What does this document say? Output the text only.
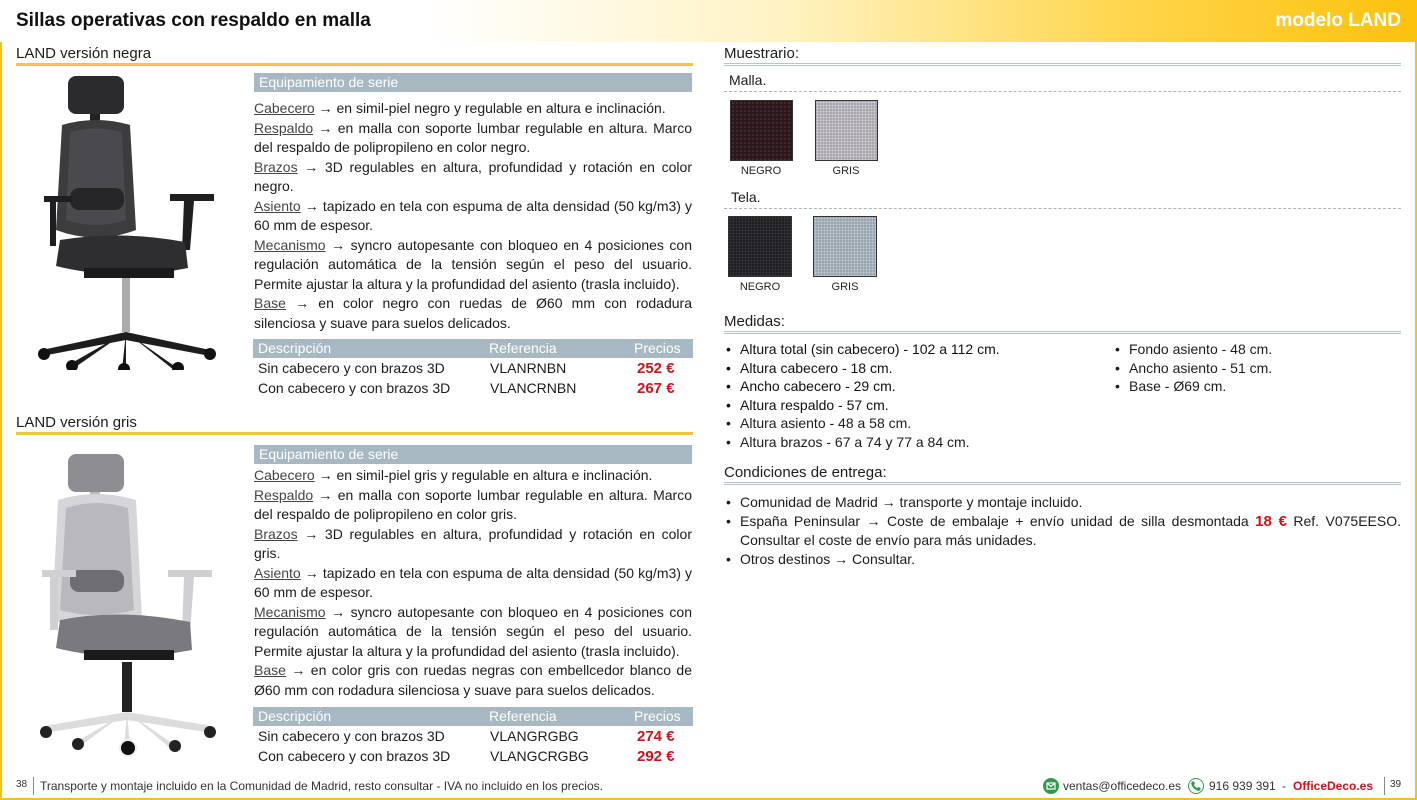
Sillas operativas con respaldo en malla	modelo LAND
LAND versión negra
Equipamiento de serie

Cabecero → en simil-piel negro y regulable en altura e inclinación.

Respaldo → en malla con soporte lumbar regulable en altura. Marco del respaldo de polipropileno en color negro.

Brazos → 3D regulables en altura, profundidad y rotación en color negro.

Asiento → tapizado en tela con espuma de alta densidad (50 kg/m3) y 60 mm de espesor.

Mecanismo → syncro autopesante con bloqueo en 4 posiciones con regulación automática de la tensión según el peso del usuario. Permite ajustar la altura y la profundidad del asiento (trasla incluido).

Base → en color negro con ruedas de Ø60 mm con rodadura silenciosa y suave para suelos delicados.

Descripción	Referencia	Precios
Sin cabecero y con brazos 3D	VLANRNBN	252 €
Con cabecero y con brazos 3D	VLANCRNBN	267 €
LAND versión gris
Equipamiento de serie

Cabecero → en simil-piel gris y regulable en altura e inclinación.

Respaldo → en malla con soporte lumbar regulable en altura. Marco del respaldo de polipropileno en color gris.

Brazos → 3D regulables en altura, profundidad y rotación en color gris.

Asiento → tapizado en tela con espuma de alta densidad (50 kg/m3) y 60 mm de espesor.

Mecanismo → syncro autopesante con bloqueo en 4 posiciones con regulación automática de la tensión según el peso del usuario. Permite ajustar la altura y la profundidad del asiento (trasla incluido).

Base → en color gris con ruedas negras con embellcedor blanco de Ø60 mm con rodadura silenciosa y suave para suelos delicados.

Descripción	Referencia	Precios
Sin cabecero y con brazos 3D	VLANGRGBG	274 €
Con cabecero y con brazos 3D	VLANGCRGBG	292 €
Muestrario:
Malla.
NEGRO	GRIS
Tela.
NEGRO	GRIS
Medidas:
• Altura total (sin cabecero) - 102 a 112 cm.
• Altura cabecero - 18 cm.
• Ancho cabecero - 29 cm.
• Altura respaldo - 57 cm.
• Altura asiento - 48 a 58 cm.
• Altura brazos - 67 a 74 y 77 a 84 cm.
• Fondo asiento - 48 cm.
• Ancho asiento - 51 cm.
• Base - Ø69 cm.
Condiciones de entrega:
• Comunidad de Madrid → transporte y montaje incluido.
• España Peninsular → Coste de embalaje + envío unidad de silla desmontada 18 € Ref. V075EESO. Consultar el coste de envío para más unidades.
• Otros destinos → Consultar.
38 Transporte y montaje incluido en la Comunidad de Madrid, resto consultar - IVA no incluido en los precios.	ventas@officedeco.es 916 939 391 - OfficeDeco.es 39
